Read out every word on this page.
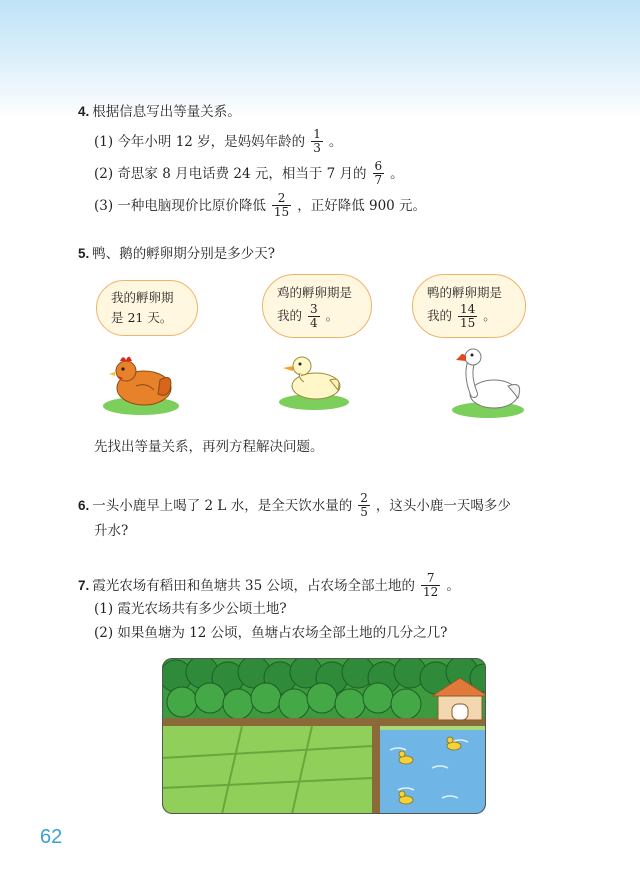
4. 根据信息写出等量关系。
(1)
今年小明 12 岁，是妈妈年龄的 $\frac{1}{3}$ 。
(2)
奇思家 8 月电话费 24 元，相当于 7 月的 $\frac{6}{7}$ 。
(3)
一种电脑现价比原价降低 $\frac{2}{15}$ ，正好降低 900 元。
5. 鸭、鹅的孵卵期分别是多少天?
我的孵卵期
是 21 天。
鸡的孵卵期是
我的 $\frac{3}{4}$ 。
鸭的孵卵期是
我的 $\frac{14}{15}$ 。
先找出等量关系，再列方程解决问题。
6. 一头小鹿早上喝了 2 L 水，是全天饮水量的 $\frac{2}{5}$ ，这头小鹿一天喝多少
升水?
7. 霞光农场有稻田和鱼塘共 35 公顷，占农场全部土地的 $\frac{7}{12}$ 。
(1)
霞光农场共有多少公顷土地?
(2)
如果鱼塘为 12 公顷，鱼塘占农场全部土地的几分之几?
62
